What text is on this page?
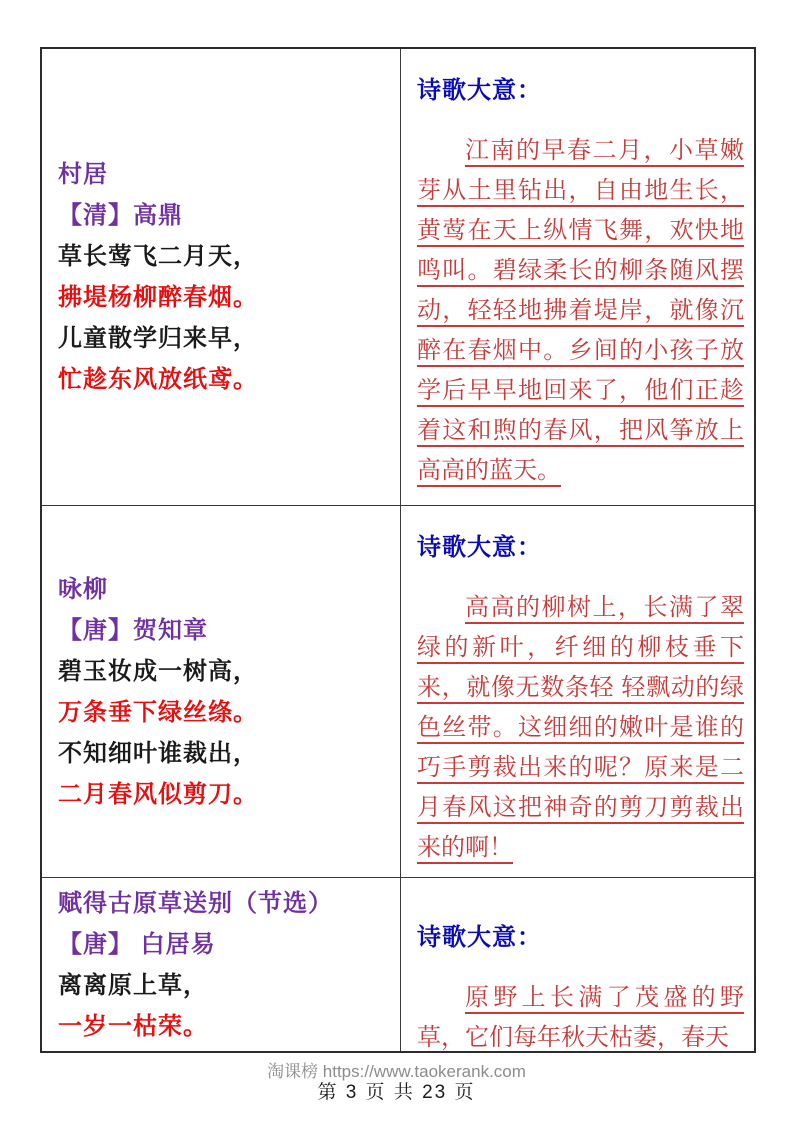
村居
【清】高鼎
草长莺飞二月天，
拂堤杨柳醉春烟。
儿童散学归来早，
忙趁东风放纸鸢。
诗歌大意：
江南的早春二月，小草嫩芽从土里钻出，自由地生长，黄莺在天上纵情飞舞，欢快地鸣叫。碧绿柔长的柳条随风摆动，轻轻地拂着堤岸，就像沉醉在春烟中。乡间的小孩子放学后早早地回来了，他们正趁着这和煦的春风，把风筝放上高高的蓝天。
咏柳
【唐】贺知章
碧玉妆成一树高，
万条垂下绿丝绦。
不知细叶谁裁出，
二月春风似剪刀。
诗歌大意：
高高的柳树上，长满了翠绿的新叶，纤细的柳枝垂下来，就像无数条轻 轻飘动的绿色丝带。这细细的嫩叶是谁的巧手剪裁出来的呢？原来是二月春风这把神奇的剪刀剪裁出来的啊！
赋得古原草送别（节选）
【唐】 白居易
离离原上草，
一岁一枯荣。
诗歌大意：
原野上长满了茂盛的野草，它们每年秋天枯萎，春天
淘课榜 https://www.taokerank.com
第 3 页 共 23 页
